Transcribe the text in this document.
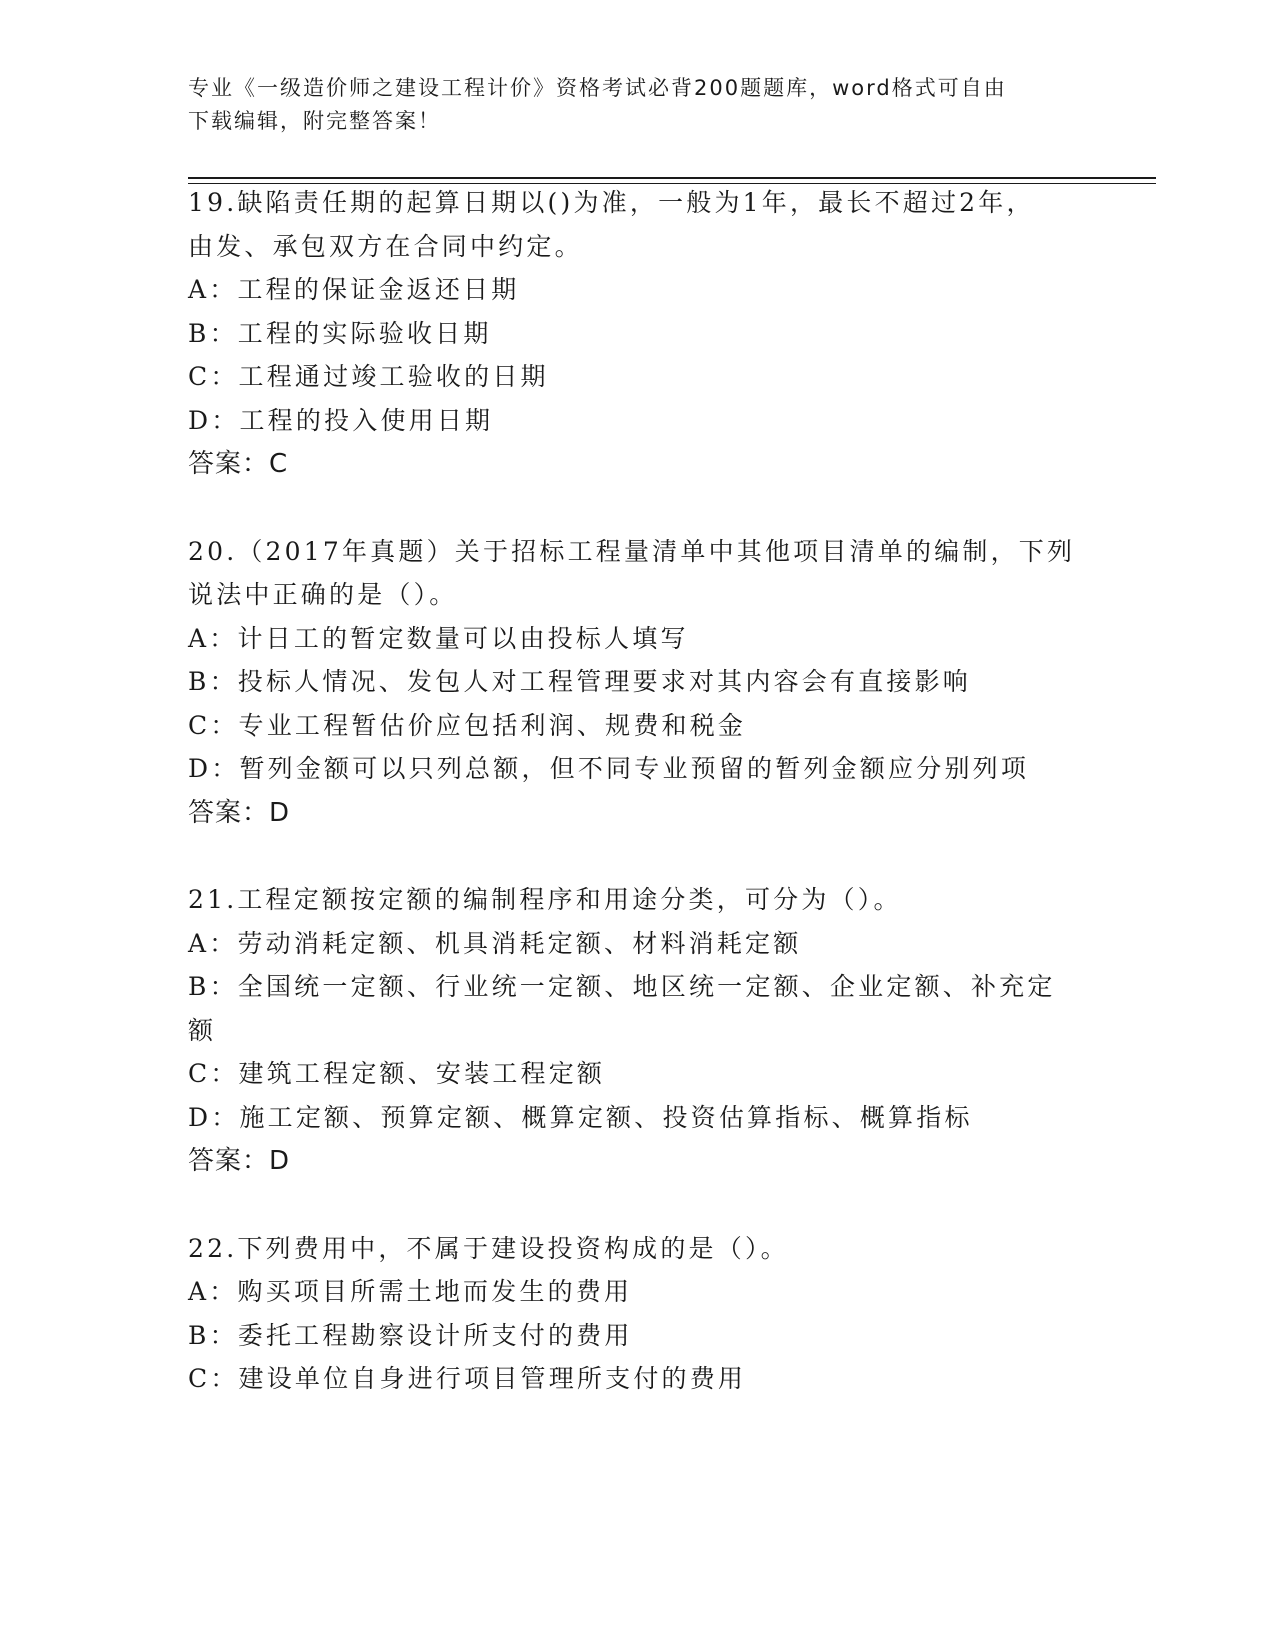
专业《一级造价师之建设工程计价》资格考试必背200题题库，word格式可自由
下载编辑，附完整答案！
19.缺陷责任期的起算日期以()为准，一般为1年，最长不超过2年，
由发、承包双方在合同中约定。
A：工程的保证金返还日期
B：工程的实际验收日期
C：工程通过竣工验收的日期
D：工程的投入使用日期
答案：C
20.（2017年真题）关于招标工程量清单中其他项目清单的编制，下列
说法中正确的是（）。
A：计日工的暂定数量可以由投标人填写
B：投标人情况、发包人对工程管理要求对其内容会有直接影响
C：专业工程暂估价应包括利润、规费和税金
D：暂列金额可以只列总额，但不同专业预留的暂列金额应分别列项
答案：D
21.工程定额按定额的编制程序和用途分类，可分为（）。
A：劳动消耗定额、机具消耗定额、材料消耗定额
B：全国统一定额、行业统一定额、地区统一定额、企业定额、补充定
额
C：建筑工程定额、安装工程定额
D：施工定额、预算定额、概算定额、投资估算指标、概算指标
答案：D
22.下列费用中，不属于建设投资构成的是（）。
A：购买项目所需土地而发生的费用
B：委托工程勘察设计所支付的费用
C：建设单位自身进行项目管理所支付的费用
